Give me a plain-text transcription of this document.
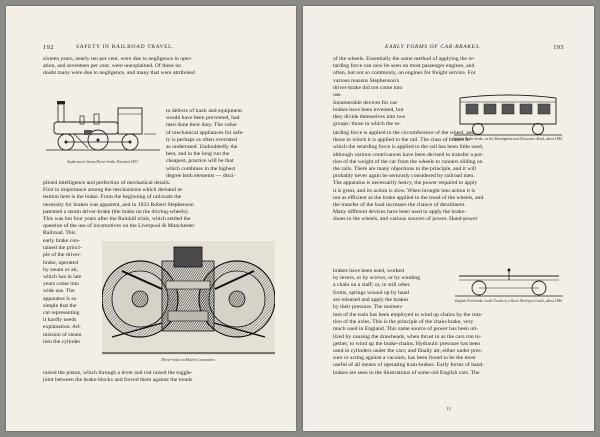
192	SAFETY IN RAILROAD TRAVEL.
sixteen years, nearly ten per cent. were due to negligence in oper-
ation, and seventeen per cent. were unexplained. Of these no
doubt many were due to negligence, and many that were attributed
Stephenson's Steam Driver-brake. Patented 1833.
to defects of track and equipment
would have been prevented, had
men done their duty. The value
of mechanical appliances for safe-
ty is perhaps as often overrated
as underrated. Undoubtedly the
best, and in the long run the
cheapest, practice will be that
which combines in the highest
degree both elements — disci-
plined intelligence and perfection of mechanical details.
First in importance among the mechanisms which demand at-
tention here is the brake. From the beginning of railroads the
necessity for brakes was apparent, and in 1833 Robert Stephenson
patented a steam driver-brake (the brake on the driving-wheels).
This was but four years after the Rainhill trials, which settled the
question of the use of locomotives on the Liverpool & Manchester
Railroad. This
early brake con-
tained the princi-
ple of the driver-
brake, operated
by steam or air,
which has in late
years come into
wide use. The
apparatus is so
simple that the
cut representing
it hardly needs
explanation. Ad-
mission of steam
into the cylinder
Driver-brake on Modern Locomotive.
raised the piston, which through a lever and rod raised the toggle-
joint between the brake-blocks and forced them against the treads
EARLY FORMS OF CAR-BRAKES.	193
of the wheels. Essentially the same method of applying the re-
tarding force can now be seen on most passenger engines, and
often, but not so commonly, on engines for freight service. For
various reasons Stephenson's
driver-brake did not come into
use.
Innumerable devices for car-
brakes have been invented, but
they divide themselves into two
groups: those in which the re-
English Brake-brake, on the Birmingham and Gloucester Road, about 1840.
tarding force is applied to the circumference of the wheel, and
those in which it is applied to the rail. The class of brakes in
which the retarding force is applied to the rail has been little used,
although various contrivances have been devised to transfer a por-
tion of the weight of the car from the wheels to runners sliding on
the rails. There are many objections to the principle, and it will
probably never again be seriously considered by railroad men.
The apparatus is necessarily heavy, the power required to apply
it is great, and its action is slow. When brought into action it is
not as efficient as the brake applied to the tread of the wheels, and
the transfer of the load increases the chance of derailment.
Many different devices have been used to apply the brake-
shoes to the wheels, and various sources of power. Hand-power
brakes have been used, worked
by levers, or by screws, or by winding
a chain on a staff; or, in still other
forms, springs wound up by hand
are released and apply the brakes
by their pressure. The momen-
English Foot-brake on the Trucks of a Street Work-pen Coach, about 1840.
tum of the train has been employed to wind up chains by the rota-
tion of the axles. This is the principle of the chain-brake, very
much used in England. This same source of power has been uti-
lized by causing the drawheads, when thrust in as the cars run to-
gether, to wind up the brake-chains. Hydraulic pressure has been
used in cylinders under the cars; and finally air, either under pres-
sure or acting against a vacuum, has been found to be the most
useful of all means of operating train-brakes. Early forms of hand-
brakes are seen in the illustrations of some old English cars. The
13
